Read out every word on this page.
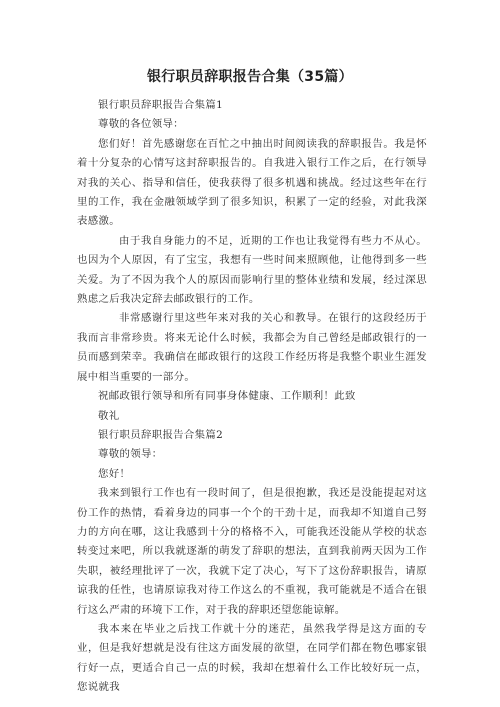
银行职员辞职报告合集（35篇）

银行职员辞职报告合集篇1

尊敬的各位领导：

您们好！首先感谢您在百忙之中抽出时间阅读我的辞职报告。我是怀着十分复杂的心情写这封辞职报告的。自我进入银行工作之后，在行领导对我的关心、指导和信任，使我获得了很多机遇和挑战。经过这些年在行里的工作，我在金融领域学到了很多知识，积累了一定的经验，对此我深表感激。

由于我自身能力的不足，近期的工作也让我觉得有些力不从心。也因为个人原因，有了宝宝，我想有一些时间来照顾他，让他得到多一些关爱。为了不因为我个人的原因而影响行里的整体业绩和发展，经过深思熟虑之后我决定辞去邮政银行的工作。

非常感谢行里这些年来对我的关心和教导。在银行的这段经历于我而言非常珍贵。将来无论什么时候，我都会为自己曾经是邮政银行的一员而感到荣幸。我确信在邮政银行的这段工作经历将是我整个职业生涯发展中相当重要的一部分。

祝邮政银行领导和所有同事身体健康、工作顺利！此致

敬礼

银行职员辞职报告合集篇2

尊敬的领导：

您好！

我来到银行工作也有一段时间了，但是很抱歉，我还是没能提起对这份工作的热情，看着身边的同事一个个的干劲十足，而我却不知道自己努力的方向在哪，这让我感到十分的格格不入，可能我还没能从学校的状态转变过来吧，所以我就逐渐的萌发了辞职的想法，直到我前两天因为工作失职，被经理批评了一次，我就下定了决心，写下了这份辞职报告，请原谅我的任性，也请原谅我对待工作这么的不重视，我可能就是不适合在银行这么严肃的环境下工作，对于我的辞职还望您能谅解。

我本来在毕业之后找工作就十分的迷茫，虽然我学得是这方面的专业，但是我好想就是没有往这方面发展的欲望，在同学们都在物色哪家银行好一点，更适合自己一点的时候，我却在想着什么工作比较好玩一点，您说就我
